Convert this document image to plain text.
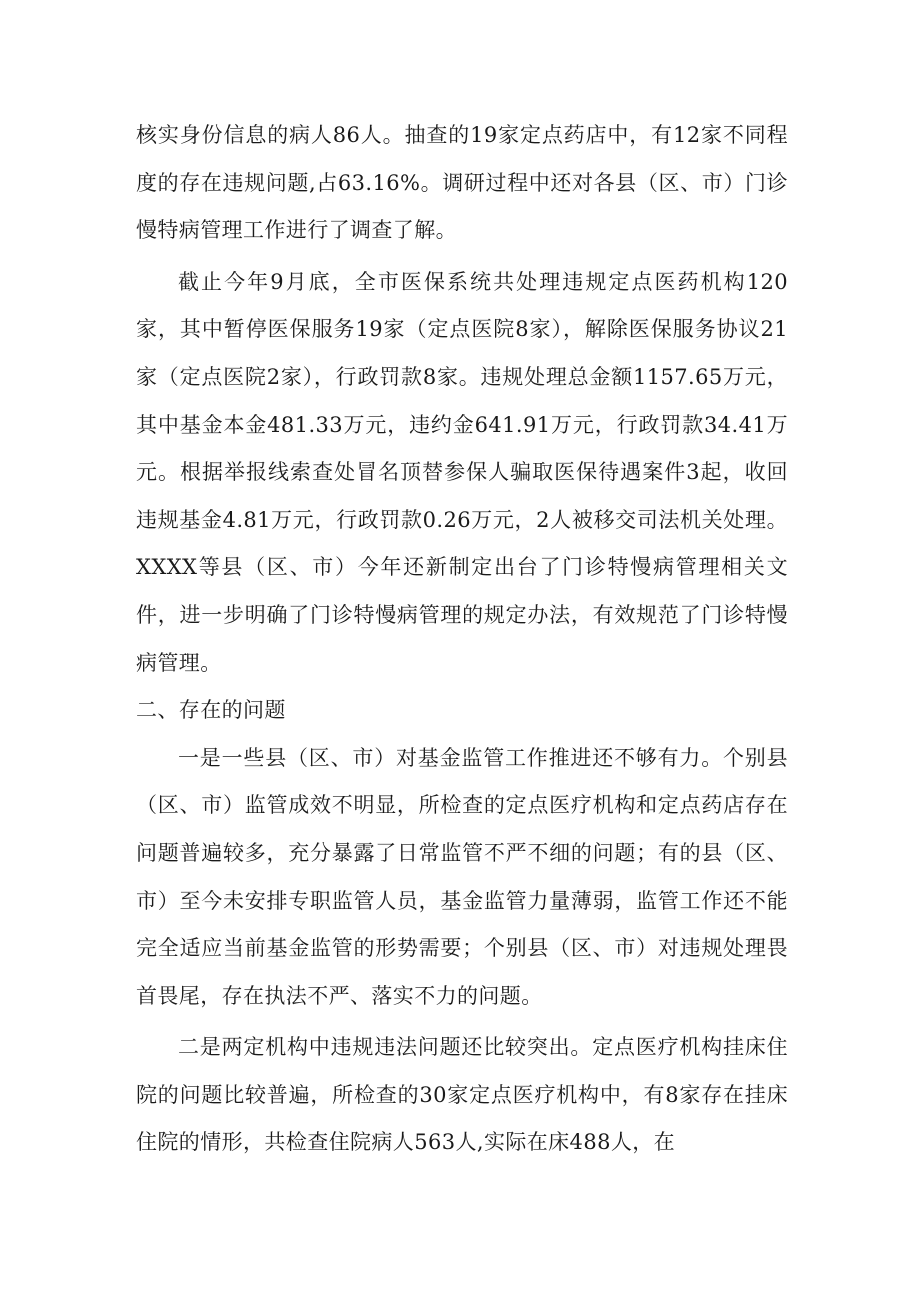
核实身份信息的病人86人。抽查的19家定点药店中，有12家不同程度的存在违规问题,占63.16%。调研过程中还对各县（区、市）门诊慢特病管理工作进行了调查了解。

截止今年9月底，全市医保系统共处理违规定点医药机构120家，其中暂停医保服务19家（定点医院8家），解除医保服务协议21家（定点医院2家），行政罚款8家。违规处理总金额1157.65万元，其中基金本金481.33万元，违约金641.91万元，行政罚款34.41万元。根据举报线索查处冒名顶替参保人骗取医保待遇案件3起，收回违规基金4.81万元，行政罚款0.26万元，2人被移交司法机关处理。XXXX等县（区、市）今年还新制定出台了门诊特慢病管理相关文件，进一步明确了门诊特慢病管理的规定办法，有效规范了门诊特慢病管理。

二、存在的问题

一是一些县（区、市）对基金监管工作推进还不够有力。个别县（区、市）监管成效不明显，所检查的定点医疗机构和定点药店存在问题普遍较多，充分暴露了日常监管不严不细的问题；有的县（区、市）至今未安排专职监管人员，基金监管力量薄弱，监管工作还不能完全适应当前基金监管的形势需要；个别县（区、市）对违规处理畏首畏尾，存在执法不严、落实不力的问题。

二是两定机构中违规违法问题还比较突出。定点医疗机构挂床住院的问题比较普遍，所检查的30家定点医疗机构中，有8家存在挂床住院的情形，共检查住院病人563人,实际在床488人，在
